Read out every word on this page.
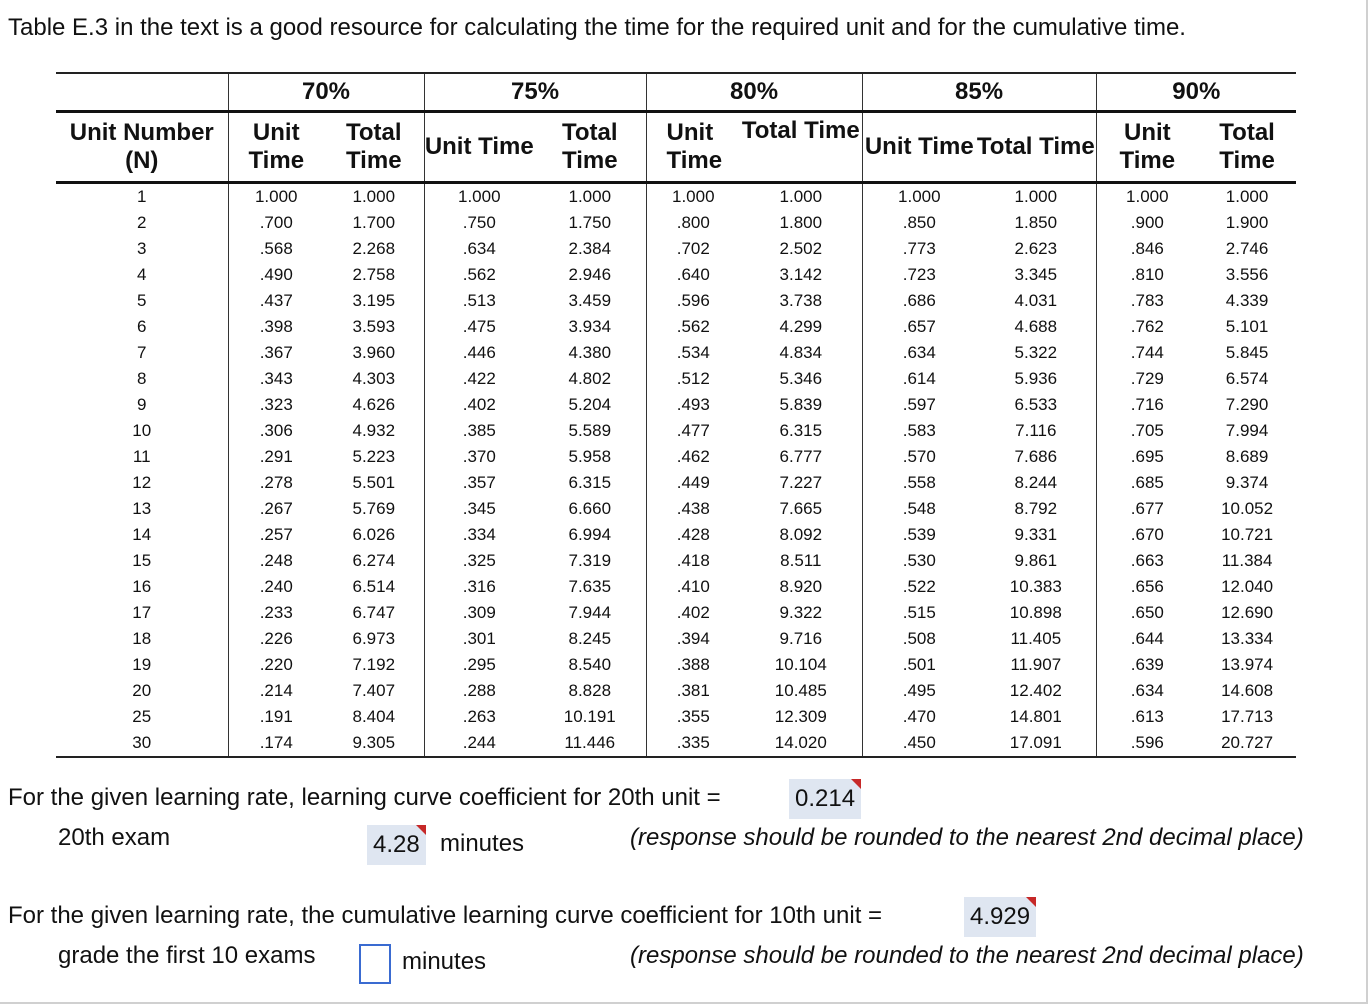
Table E.3 in the text is a good resource for calculating the time for the required unit and for the cumulative time.
	70%		75%		80%		85%		90%	
Unit Number (N)	Unit Time	Total Time	Unit Time	Total Time	Unit Time	Total Time	Unit Time	Total Time	Unit Time	Total Time
1	1.000	1.000	1.000	1.000	1.000	1.000	1.000	1.000	1.000	1.000
2	.700	1.700	.750	1.750	.800	1.800	.850	1.850	.900	1.900
3	.568	2.268	.634	2.384	.702	2.502	.773	2.623	.846	2.746
4	.490	2.758	.562	2.946	.640	3.142	.723	3.345	.810	3.556
5	.437	3.195	.513	3.459	.596	3.738	.686	4.031	.783	4.339
6	.398	3.593	.475	3.934	.562	4.299	.657	4.688	.762	5.101
7	.367	3.960	.446	4.380	.534	4.834	.634	5.322	.744	5.845
8	.343	4.303	.422	4.802	.512	5.346	.614	5.936	.729	6.574
9	.323	4.626	.402	5.204	.493	5.839	.597	6.533	.716	7.290
10	.306	4.932	.385	5.589	.477	6.315	.583	7.116	.705	7.994
11	.291	5.223	.370	5.958	.462	6.777	.570	7.686	.695	8.689
12	.278	5.501	.357	6.315	.449	7.227	.558	8.244	.685	9.374
13	.267	5.769	.345	6.660	.438	7.665	.548	8.792	.677	10.052
14	.257	6.026	.334	6.994	.428	8.092	.539	9.331	.670	10.721
15	.248	6.274	.325	7.319	.418	8.511	.530	9.861	.663	11.384
16	.240	6.514	.316	7.635	.410	8.920	.522	10.383	.656	12.040
17	.233	6.747	.309	7.944	.402	9.322	.515	10.898	.650	12.690
18	.226	6.973	.301	8.245	.394	9.716	.508	11.405	.644	13.334
19	.220	7.192	.295	8.540	.388	10.104	.501	11.907	.639	13.974
20	.214	7.407	.288	8.828	.381	10.485	.495	12.402	.634	14.608
25	.191	8.404	.263	10.191	.355	12.309	.470	14.801	.613	17.713
30	.174	9.305	.244	11.446	.335	14.020	.450	17.091	.596	20.727
For the given learning rate, learning curve coefficient for 20th unit =	0.214
20th exam	4.28 minutes	(response should be rounded to the nearest 2nd decimal place)
For the given learning rate, the cumulative learning curve coefficient for 10th unit =	4.929
grade the first 10 exams	minutes	(response should be rounded to the nearest 2nd decimal place)
